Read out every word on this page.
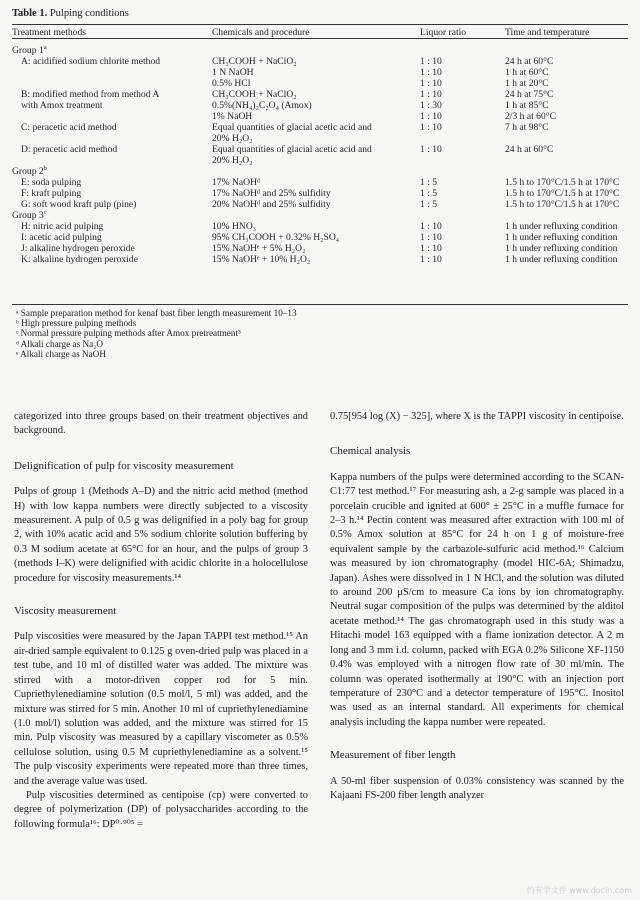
Table 1. Pulping conditions
Treatment methods	Chemicals and procedure	Liquor ratio	Time and temperature
Group 1$^a$
A: acidified sodium chlorite method	CH₃COOH + NaClO₂	1 : 10	24 h at 60°C
	1 N NaOH	1 : 10	1 h at 60°C
	0.5% HCl	1 : 10	1 h at 20°C
B: modified method from method A	CH₃COOH + NaClO₂	1 : 10	24 h at 75°C
with Amox treatment	0.5%(NH₄)₂C₂O₄ (Amox)	1 : 30	1 h at 85°C
	1% NaOH	1 : 10	2/3 h at 60°C
C: peracetic acid method	Equal quantities of glacial acetic acid and	1 : 10	7 h at 98°C
	20% H₂O₂		
D: peracetic acid method	Equal quantities of glacial acetic acid and	1 : 10	24 h at 60°C
	20% H₂O₂		
Group 2$^b$
E: soda pulping	17% NaOHᵈ	1 : 5	1.5 h to 170°C/1.5 h at 170°C
F: kraft pulping	17% NaOHᵈ and 25% sulfidity	1 : 5	1.5 h to 170°C/1.5 h at 170°C
G: soft wood kraft pulp (pine)	20% NaOHᵈ and 25% sulfidity	1 : 5	1.5 h to 170°C/1.5 h at 170°C
Group 3$^c$
H: nitric acid pulping	10% HNO₃	1 : 10	1 h under refluxing condition
I: acetic acid pulping	95% CH₃COOH + 0.32% H₂SO₄	1 : 10	1 h under refluxing condition
J: alkaline hydrogen peroxide	15% NaOHᵉ + 5% H₂O₂	1 : 10	1 h under refluxing condition
K: alkaline hydrogen peroxide	15% NaOHᵉ + 10% H₂O₂	1 : 10	1 h under refluxing condition
ᵃ Sample preparation method for kenaf bast fiber length measurement 10–13
ᵇ High pressure pulping methods
ᶜ Normal pressure pulping methods after Amox pretreatment³
ᵈ Alkali charge as Na₂O
ᵉ Alkali charge as NaOH

categorized into three groups based on their treatment objectives and background.

Delignification of pulp for viscosity measurement

Pulps of group 1 (Methods A–D) and the nitric acid method (method H) with low kappa numbers were directly subjected to a viscosity measurement. A pulp of 0.5 g was delignified in a poly bag for group 2, with 10% acatic acid and 5% sodium chlorite solution buffering by 0.3 M sodium acetate at 65°C for an hour, and the pulps of group 3 (methods I–K) were delignified with acidic chlorite in a holocellulose procedure for viscosity measurements.¹⁴

Viscosity measurement

Pulp viscosities were measured by the Japan TAPPI test method.¹⁵ An air-dried sample equivalent to 0.125 g oven-dried pulp was placed in a test tube, and 10 ml of distilled water was added. The mixture was stirred with a motor-driven copper rod for 5 min. Cupriethylenediamine solution (0.5 mol/l, 5 ml) was added, and the mixture was stirred for 5 min. Another 10 ml of cupriethylenediamine (1.0 mol/l) solution was added, and the mixture was stirred for 15 min. Pulp viscosity was measured by a capillary viscometer as 0.5% cellulose solution, using 0.5 M cupriethylenediamine as a solvent.¹⁵ The pulp viscosity experiments were repeated more than three times, and the average value was used.

Pulp viscosities determined as centipoise (cp) were converted to degree of polymerization (DP) of polysaccharides according to the following formula¹⁶: DP⁰·⁹⁰⁵ =

0.75[954 log (X) − 325], where X is the TAPPI viscosity in centipoise.

Chemical analysis

Kappa numbers of the pulps were determined according to the SCAN-C1:77 test method.¹⁷ For measuring ash, a 2-g sample was placed in a porcelain crucible and ignited at 600° ± 25°C in a muffle furnace for 2–3 h.¹⁴ Pectin content was measured after extraction with 100 ml of 0.5% Amox solution at 85°C for 24 h on 1 g of moisture-free equivalent sample by the carbazole-sulfuric acid method.¹⁶ Calcium was measured by ion chromatography (model HIC-6A; Shimadzu, Japan). Ashes were dissolved in 1 N HCl, and the solution was diluted to around 200 μS/cm to measure Ca ions by ion chromatography. Neutral sugar composition of the pulps was determined by the alditol acetate method.¹⁴ The gas chromatograph used in this study was a Hitachi model 163 equipped with a flame ionization detector. A 2 m long and 3 mm i.d. column, packed with EGA 0.2% Silicone XF-1150 0.4% was employed with a nitrogen flow rate of 30 ml/min. The column was operated isothermally at 190°C with an injection port temperature of 230°C and a detector temperature of 195°C. Inositol was used as an internal standard. All experiments for chemical analysis including the kappa number were repeated.

Measurement of fiber length

A 50-ml fiber suspension of 0.03% consistency was scanned by the Kajaani FS-200 fiber length analyzer

约有学文件 www.docin.com
